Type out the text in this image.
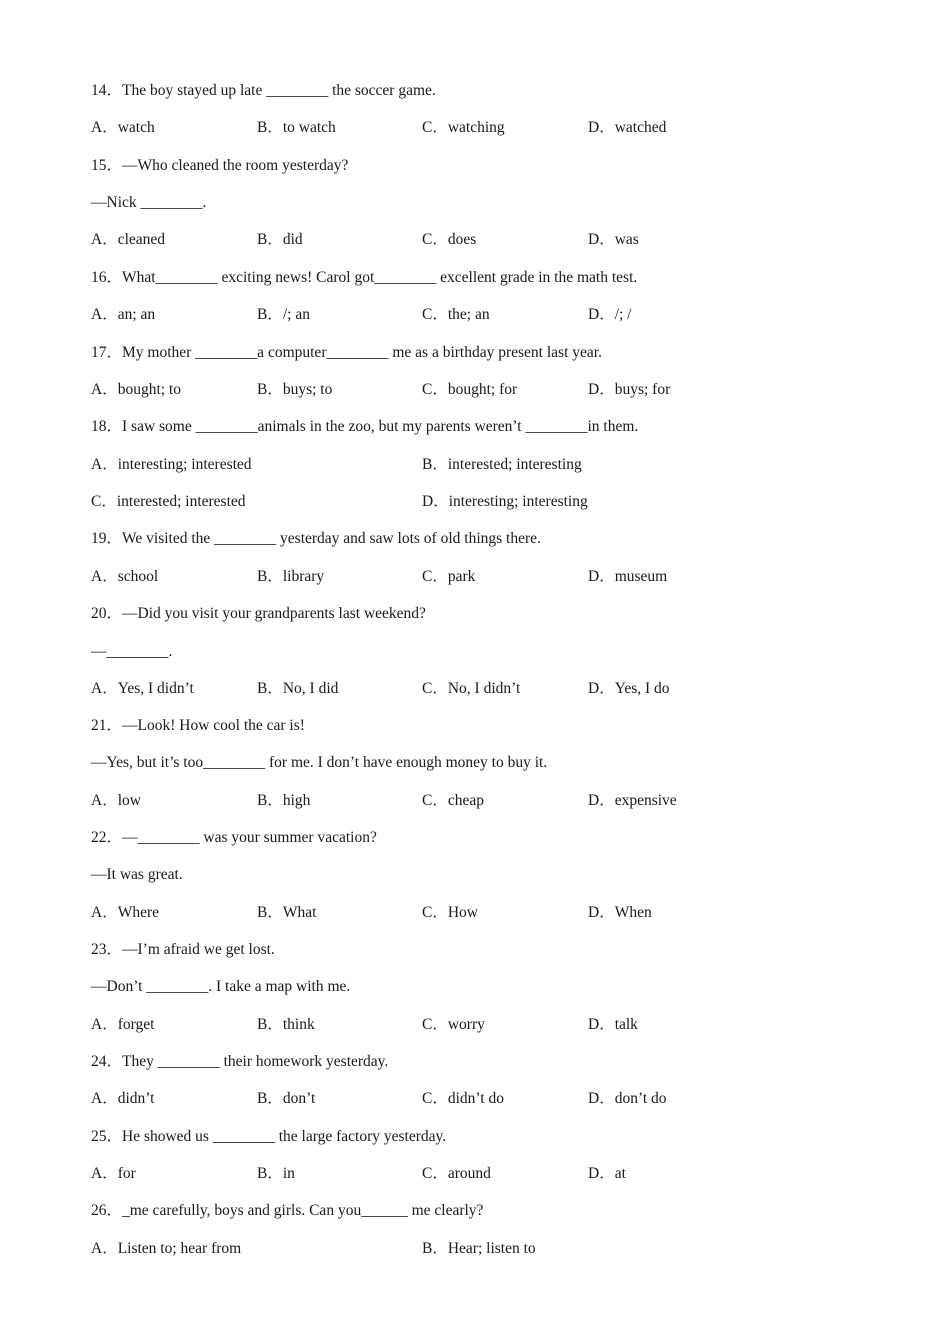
14．The boy stayed up late ________ the soccer game.
A．watch	B．to watch	C．watching	D．watched
15．—Who cleaned the room yesterday?
—Nick ________.
A．cleaned	B．did	C．does	D．was
16．What________ exciting news! Carol got________ excellent grade in the math test.
A．an; an	B．/; an	C．the; an	D．/; /
17．My mother ________a computer________ me as a birthday present last year.
A．bought; to	B．buys; to	C．bought; for	D．buys; for
18．I saw some ________animals in the zoo, but my parents weren’t ________in them.
A．interesting; interested	B．interested; interesting
C．interested; interested	D．interesting; interesting
19．We visited the ________ yesterday and saw lots of old things there.
A．school	B．library	C．park	D．museum
20．—Did you visit your grandparents last weekend?
—________.
A．Yes, I didn’t	B．No, I did	C．No, I didn’t	D．Yes, I do
21．—Look! How cool the car is!
—Yes, but it’s too________ for me. I don’t have enough money to buy it.
A．low	B．high	C．cheap	D．expensive
22．—________ was your summer vacation?
—It was great.
A．Where	B．What	C．How	D．When
23．—I’m afraid we get lost.
—Don’t ________. I take a map with me.
A．forget	B．think	C．worry	D．talk
24．They ________ their homework yesterday.
A．didn’t	B．don’t	C．didn’t do	D．don’t do
25．He showed us ________ the large factory yesterday.
A．for	B．in	C．around	D．at
26．_me carefully, boys and girls. Can you______ me clearly?
A．Listen to; hear from	B．Hear; listen to
